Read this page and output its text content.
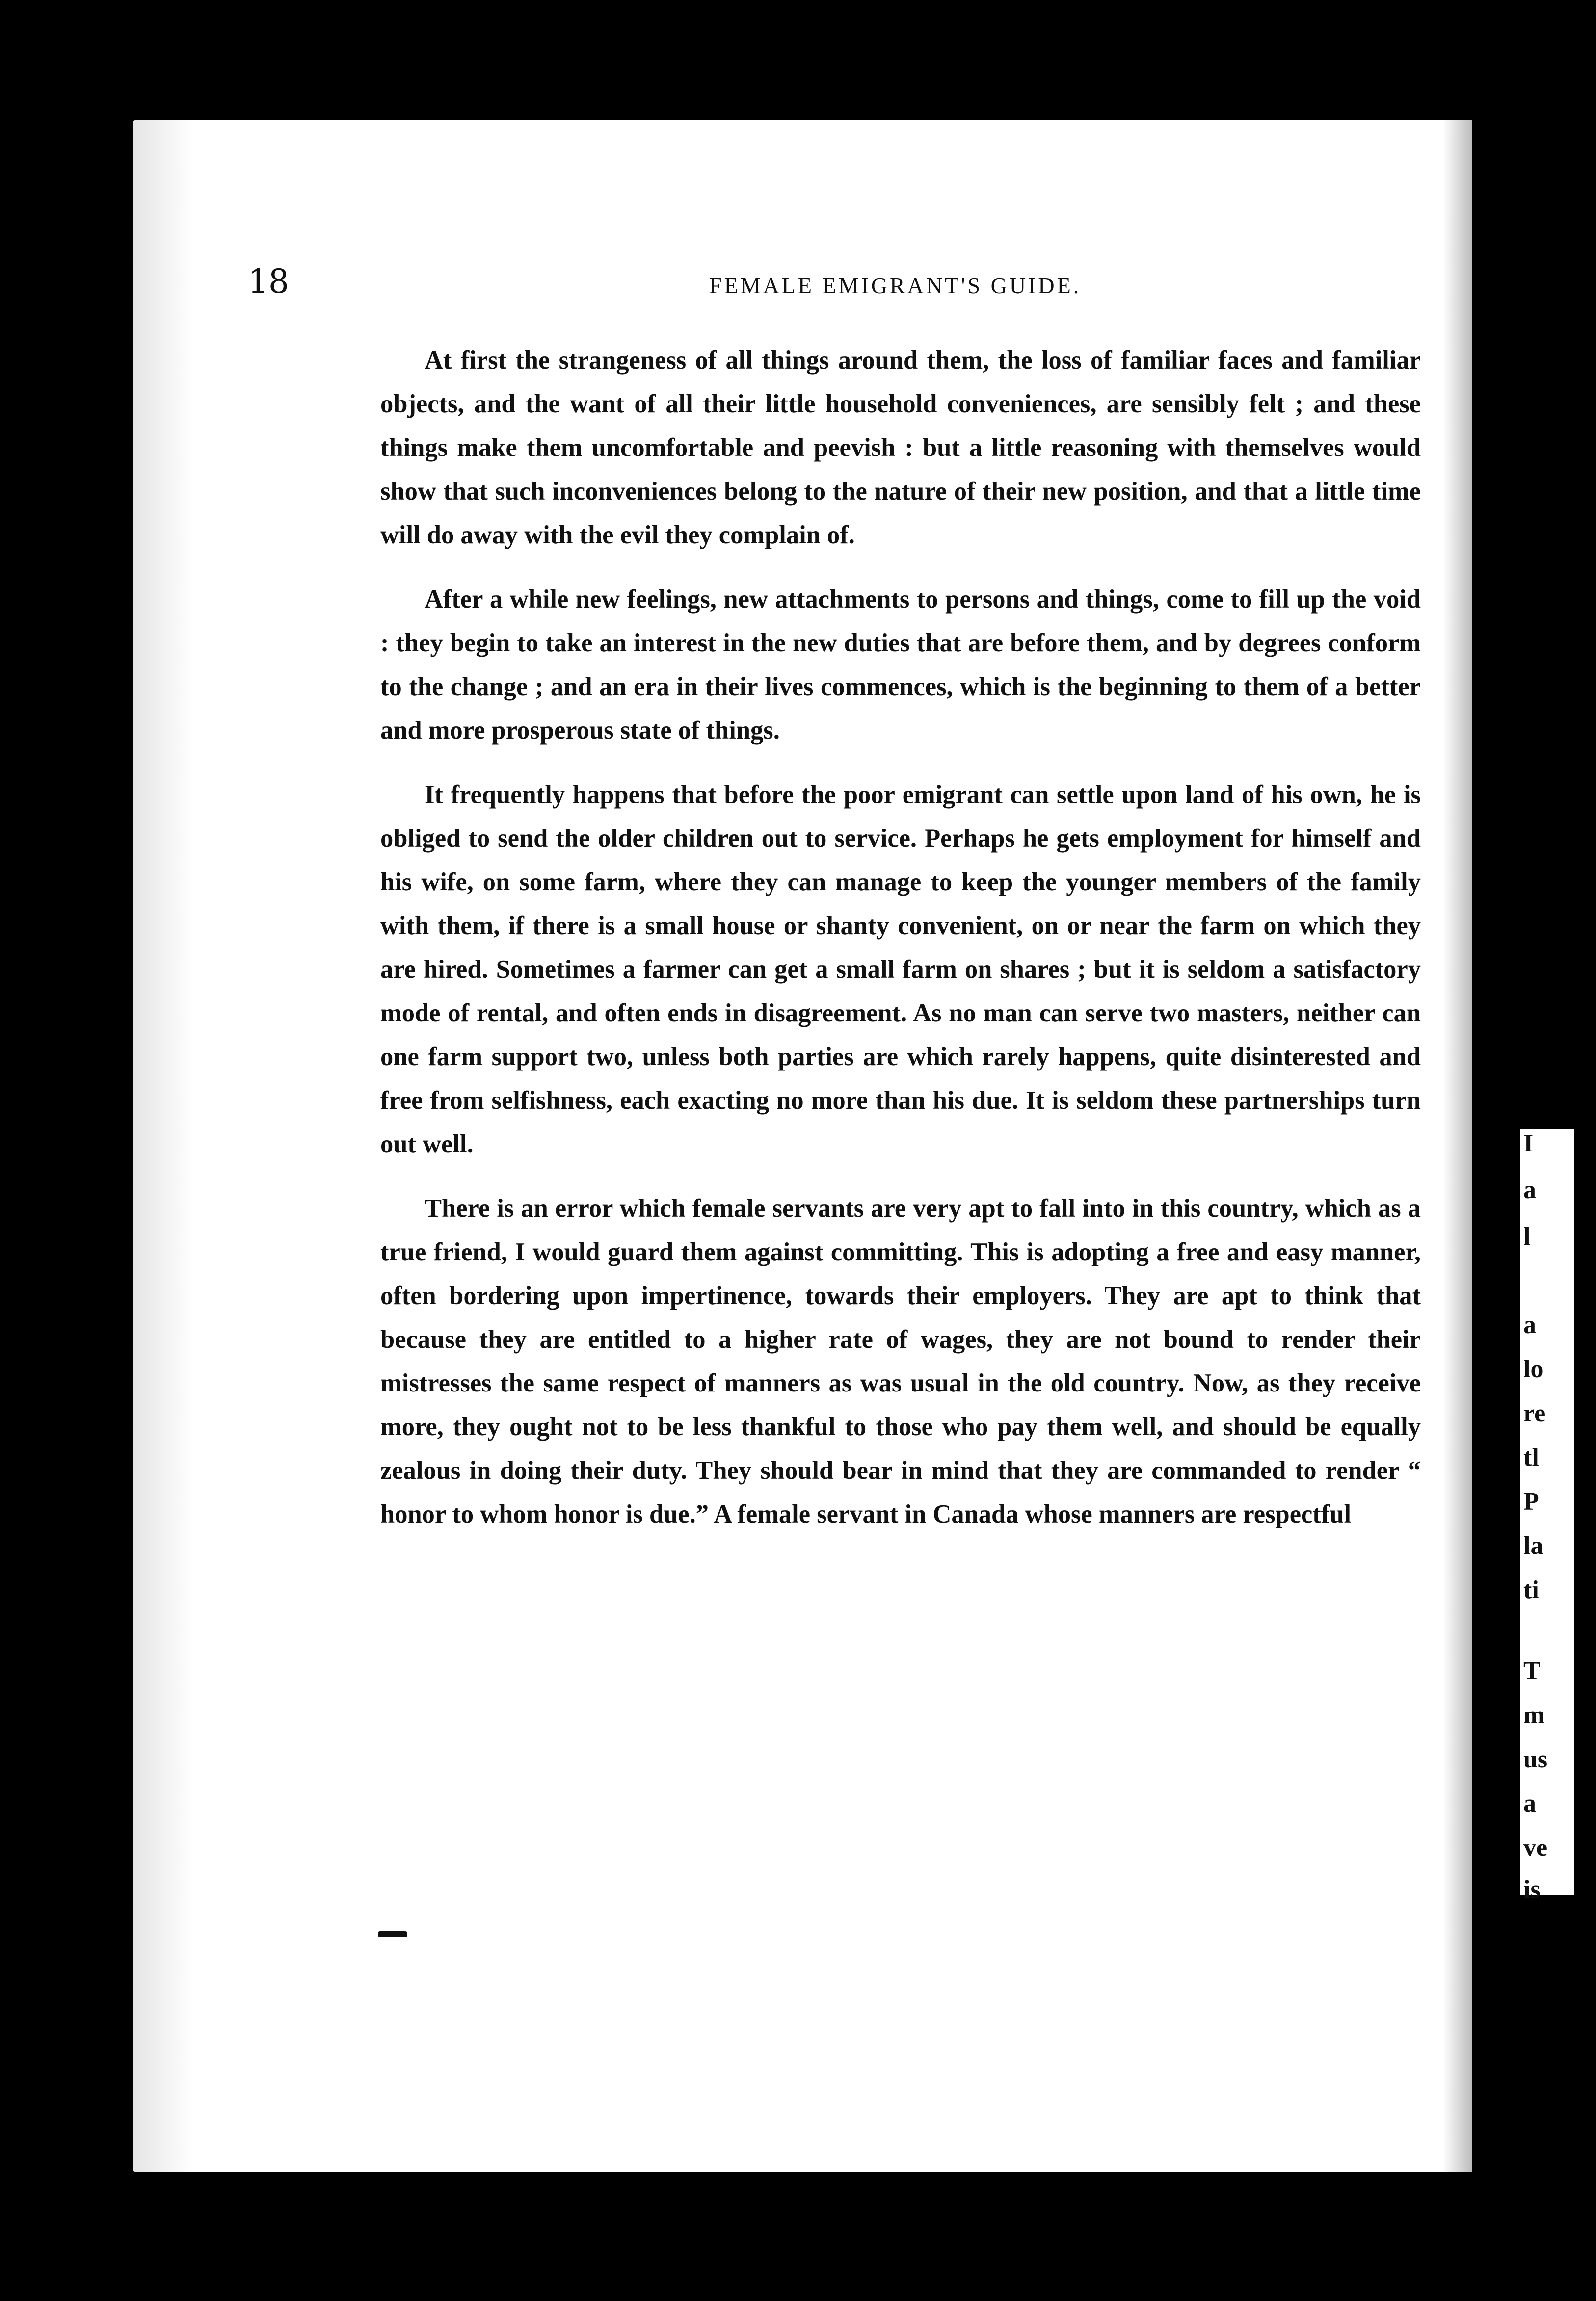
18	FEMALE EMIGRANT'S GUIDE.

At first the strangeness of all things around them, the loss of familiar faces and familiar objects, and the want of all their little household conveniences, are sensibly felt ; and these things make them uncomfortable and peevish : but a little reasoning with themselves would show that such inconveniences belong to the nature of their new position, and that a little time will do away with the evil they complain of.

After a while new feelings, new attachments to persons and things, come to fill up the void : they begin to take an interest in the new duties that are before them, and by degrees conform to the change ; and an era in their lives commences, which is the beginning to them of a better and more prosperous state of things.

It frequently happens that before the poor emigrant can settle upon land of his own, he is obliged to send the older children out to service. Perhaps he gets employment for himself and his wife, on some farm, where they can manage to keep the younger members of the family with them, if there is a small house or shanty convenient, on or near the farm on which they are hired. Sometimes a farmer can get a small farm on shares ; but it is seldom a satisfactory mode of rental, and often ends in disagreement. As no man can serve two masters, neither can one farm support two, unless both parties are which rarely happens, quite disinterested and free from selfishness, each exacting no more than his due. It is seldom these partnerships turn out well.

There is an error which female servants are very apt to fall into in this country, which as a true friend, I would guard them against committing. This is adopting a free and easy manner, often bordering upon impertinence, towards their employers. They are apt to think that because they are entitled to a higher rate of wages, they are not bound to render their mistresses the same respect of manners as was usual in the old country. Now, as they receive more, they ought not to be less thankful to those who pay them well, and should be equally zealous in doing their duty. They should bear in mind that they are commanded to render “ honor to whom honor is due.” A female servant in Canada whose manners are respectful

I
a
l
a
lo
re
tl
P
la
ti
T
m
us
a
ve
is
